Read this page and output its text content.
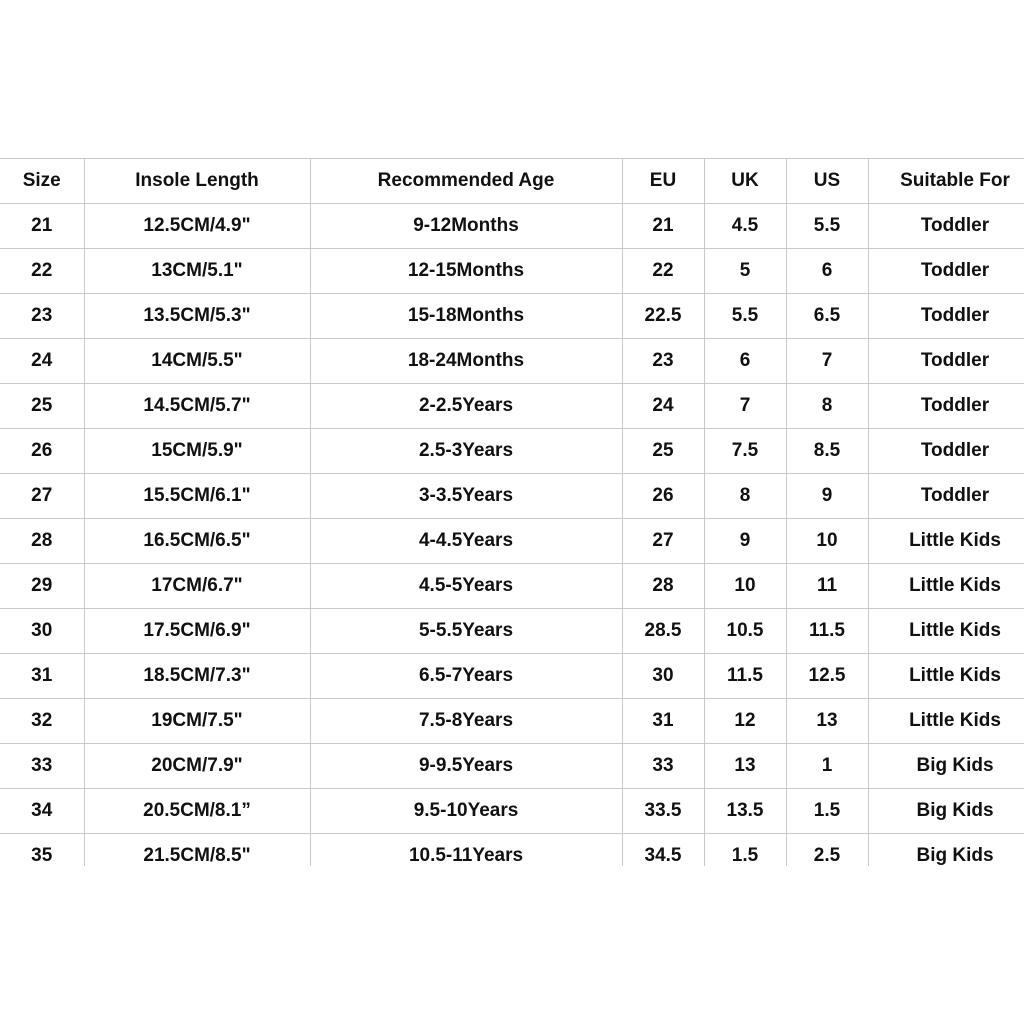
Size	Insole Length	Recommended Age	EU	UK	US	Suitable For
21	12.5CM/4.9"	9-12Months	21	4.5	5.5	Toddler
22	13CM/5.1"	12-15Months	22	5	6	Toddler
23	13.5CM/5.3"	15-18Months	22.5	5.5	6.5	Toddler
24	14CM/5.5"	18-24Months	23	6	7	Toddler
25	14.5CM/5.7"	2-2.5Years	24	7	8	Toddler
26	15CM/5.9"	2.5-3Years	25	7.5	8.5	Toddler
27	15.5CM/6.1"	3-3.5Years	26	8	9	Toddler
28	16.5CM/6.5"	4-4.5Years	27	9	10	Little Kids
29	17CM/6.7"	4.5-5Years	28	10	11	Little Kids
30	17.5CM/6.9"	5-5.5Years	28.5	10.5	11.5	Little Kids
31	18.5CM/7.3"	6.5-7Years	30	11.5	12.5	Little Kids
32	19CM/7.5"	7.5-8Years	31	12	13	Little Kids
33	20CM/7.9"	9-9.5Years	33	13	1	Big Kids
34	20.5CM/8.1”	9.5-10Years	33.5	13.5	1.5	Big Kids
35	21.5CM/8.5"	10.5-11Years	34.5	1.5	2.5	Big Kids
